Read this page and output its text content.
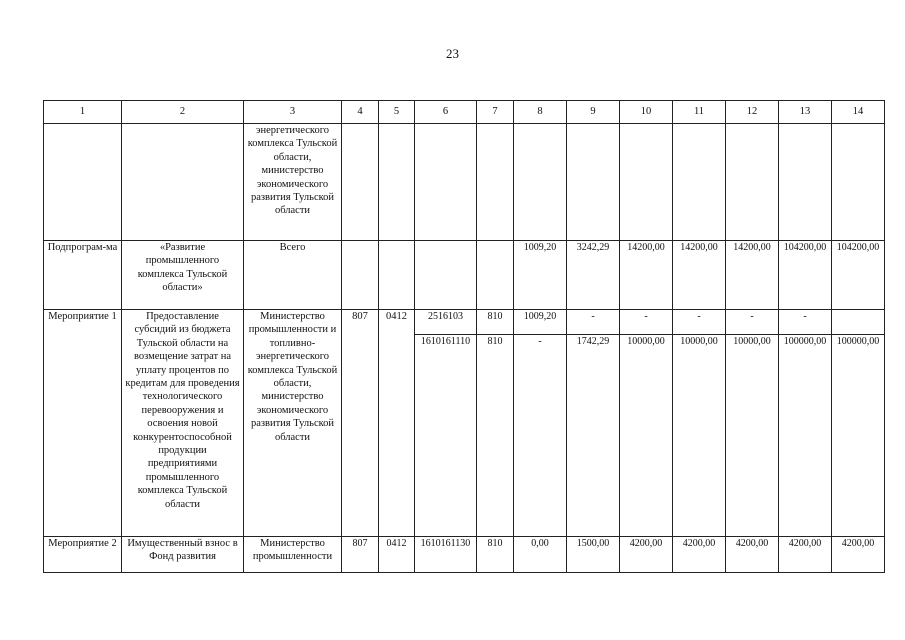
23
1	2	3	4	5	6	7	8	9	10	11	12	13	14

		энергетического комплекса Тульской области, министерство экономического развития Тульской области											

Подпрограм-ма	«Развитие промышленного комплекса Тульской области»	Всего					1009,20	3242,29	14200,00	14200,00	14200,00	104200,00	104200,00
Мероприятие 1	Предоставление субсидий из бюджета Тульской области на возмещение затрат на уплату процентов по кредитам для проведения технологического перевооружения и освоения новой конкурентоспособной продукции предприятиями промышленного комплекса Тульской области	Министерство промышленности и топливно-энергетического комплекса Тульской области, министерство экономического развития Тульской области	807	0412	2516103	810	1009,20	-	-	-	-	-	
					1610161110	810	-	1742,29	10000,00	10000,00	10000,00	100000,00	100000,00
Мероприятие 2	Имущественный взнос в Фонд развития	Министерство промышленности	807	0412	1610161130	810	0,00	1500,00	4200,00	4200,00	4200,00	4200,00	4200,00
